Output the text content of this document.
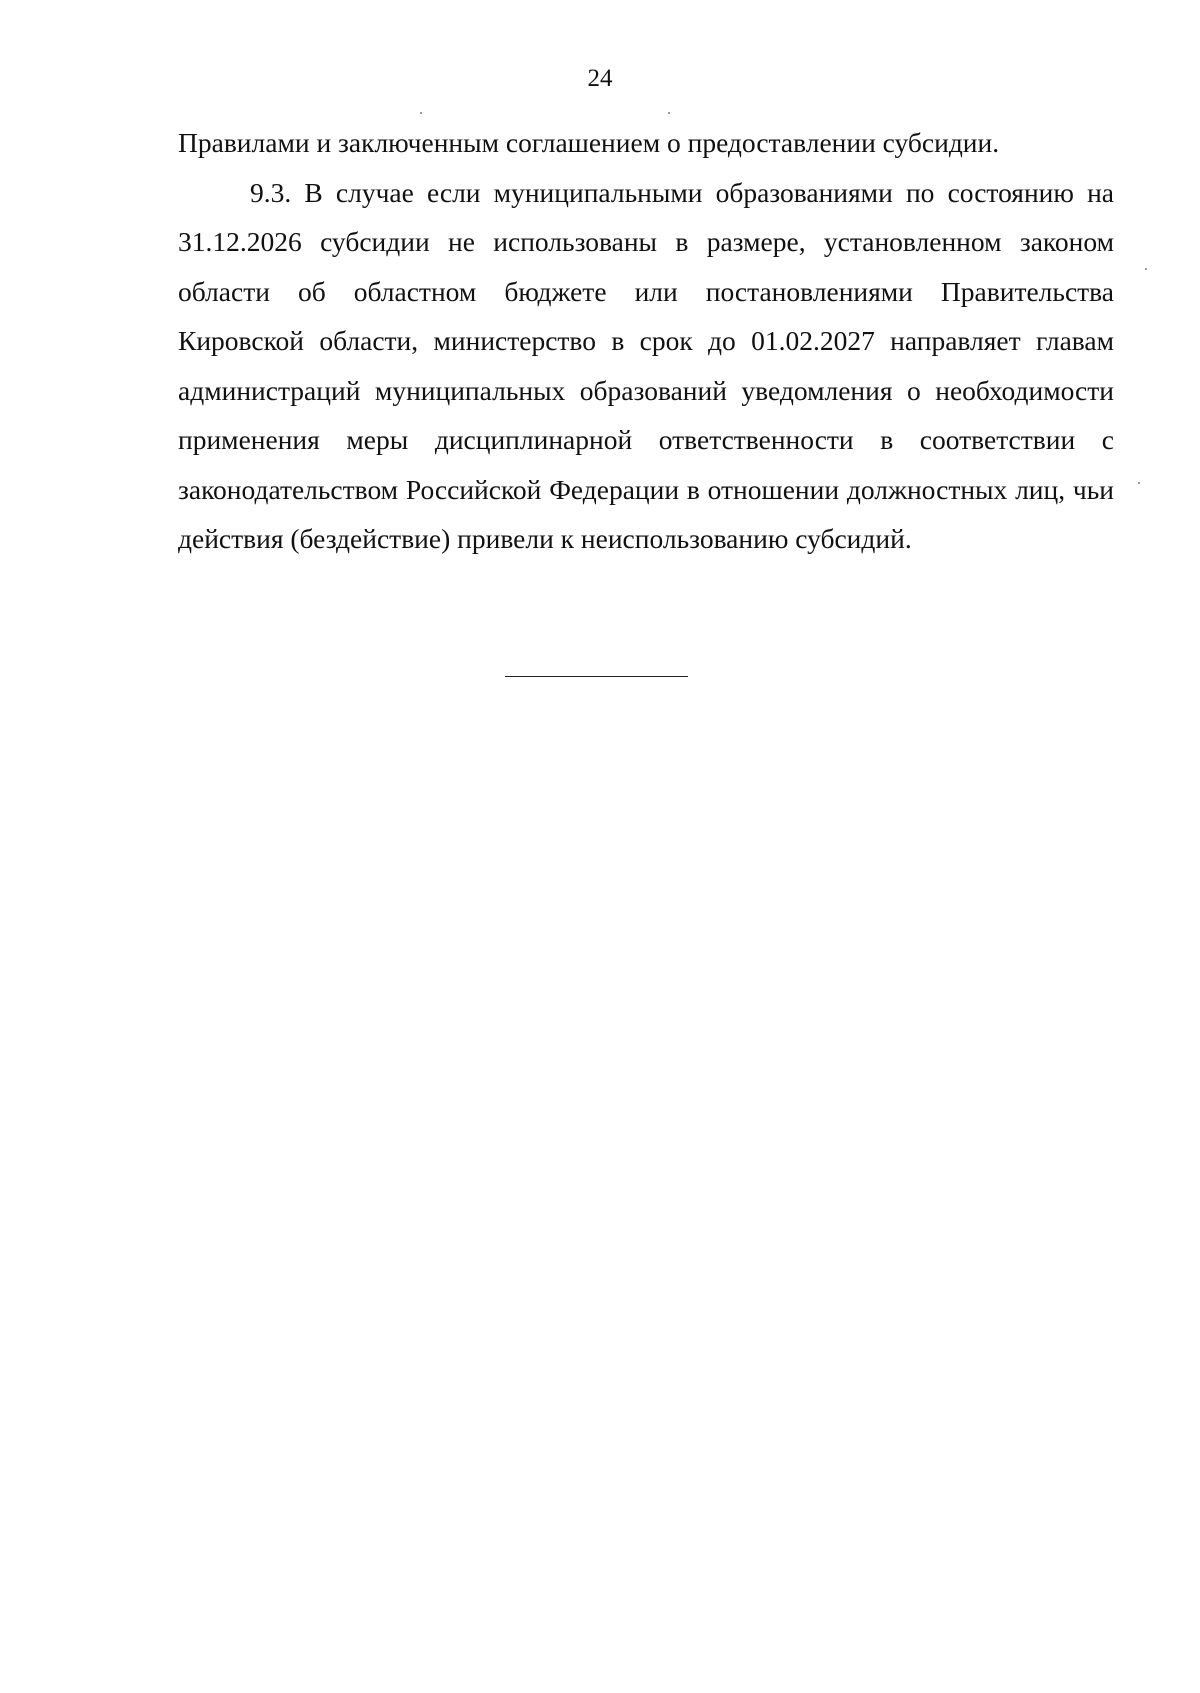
24

Правилами и заключенным соглашением о предоставлении субсидии.

9.3. В случае если муниципальными образованиями по состоянию на 31.12.2026 субсидии не использованы в размере, установленном законом области об областном бюджете или постановлениями Правительства Кировской области, министерство в срок до 01.02.2027 направляет главам администраций муниципальных образований уведомления о необходимости применения меры дисциплинарной ответственности в соответствии с законодательством Российской Федерации в отношении должностных лиц, чьи действия (бездействие) привели к неиспользованию субсидий.
